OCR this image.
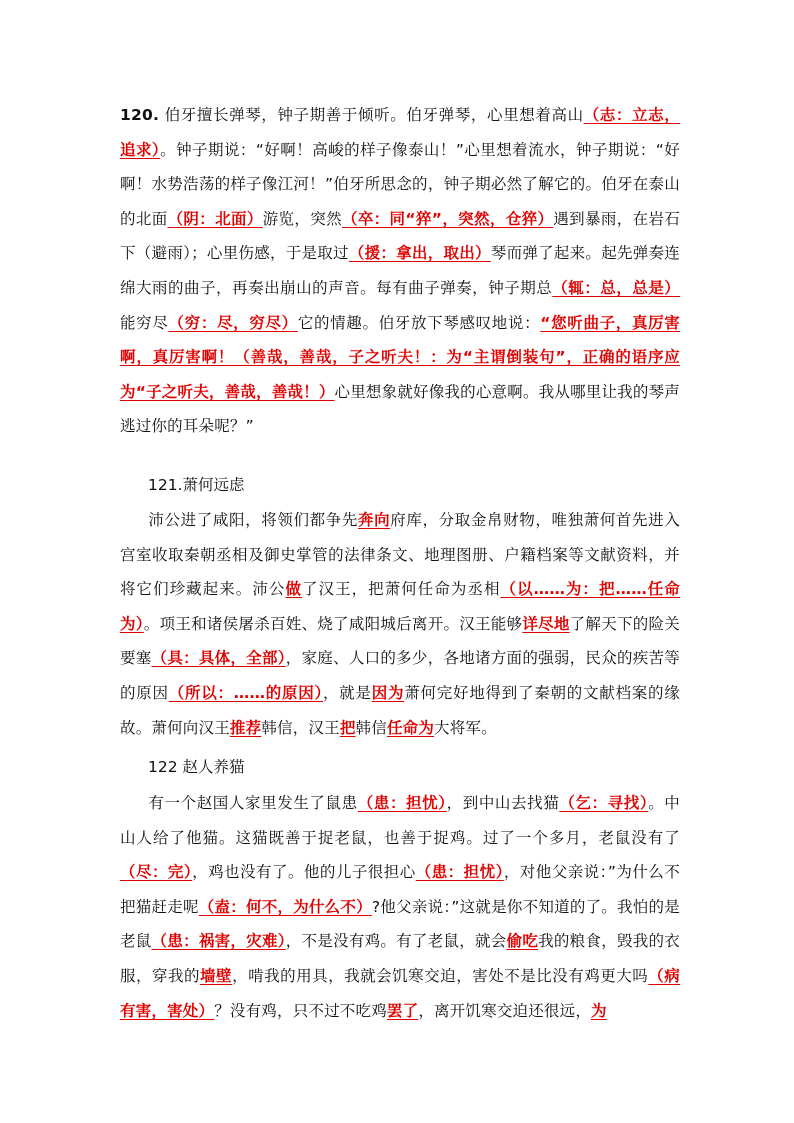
120. 伯牙擅长弹琴，钟子期善于倾听。伯牙弹琴，心里想着高山（志：立志，追求）。钟子期说：“好啊！高峻的样子像泰山！”心里想着流水，钟子期说：“好啊！水势浩荡的样子像江河！”伯牙所思念的，钟子期必然了解它的。伯牙在泰山的北面（阴：北面）游览，突然（卒：同“猝”，突然，仓猝）遇到暴雨，在岩石下（避雨）；心里伤感，于是取过（援：拿出，取出）琴而弹了起来。起先弹奏连绵大雨的曲子，再奏出崩山的声音。每有曲子弹奏，钟子期总（辄：总，总是）能穷尽（穷：尽，穷尽）它的情趣。伯牙放下琴感叹地说：“您听曲子，真厉害啊，真厉害啊！（善哉，善哉，子之听夫！：为“主谓倒装句”，正确的语序应为“子之听夫，善哉，善哉！）心里想象就好像我的心意啊。我从哪里让我的琴声逃过你的耳朵呢？”

121.萧何远虑

沛公进了咸阳，将领们都争先奔向府库，分取金帛财物，唯独萧何首先进入宫室收取秦朝丞相及御史掌管的法律条文、地理图册、户籍档案等文献资料，并将它们珍藏起来。沛公做了汉王，把萧何任命为丞相（以……为：把……任命为）。项王和诸侯屠杀百姓、烧了咸阳城后离开。汉王能够详尽地了解天下的险关要塞（具：具体，全部），家庭、人口的多少，各地诸方面的强弱，民众的疾苦等的原因（所以：……的原因），就是因为萧何完好地得到了秦朝的文献档案的缘故。萧何向汉王推荐韩信，汉王把韩信任命为大将军。

122 赵人养猫

有一个赵国人家里发生了鼠患（患：担忧），到中山去找猫（乞：寻找）。中山人给了他猫。这猫既善于捉老鼠，也善于捉鸡。过了一个多月，老鼠没有了（尽：完），鸡也没有了。他的儿子很担心（患：担忧），对他父亲说：”为什么不把猫赶走呢（盍：何不，为什么不）?他父亲说：”这就是你不知道的了。我怕的是老鼠（患：祸害，灾难），不是没有鸡。有了老鼠，就会偷吃我的粮食，毁我的衣服，穿我的墙壁，啃我的用具，我就会饥寒交迫，害处不是比没有鸡更大吗（病 有害，害处）？没有鸡，只不过不吃鸡罢了，离开饥寒交迫还很远，为
